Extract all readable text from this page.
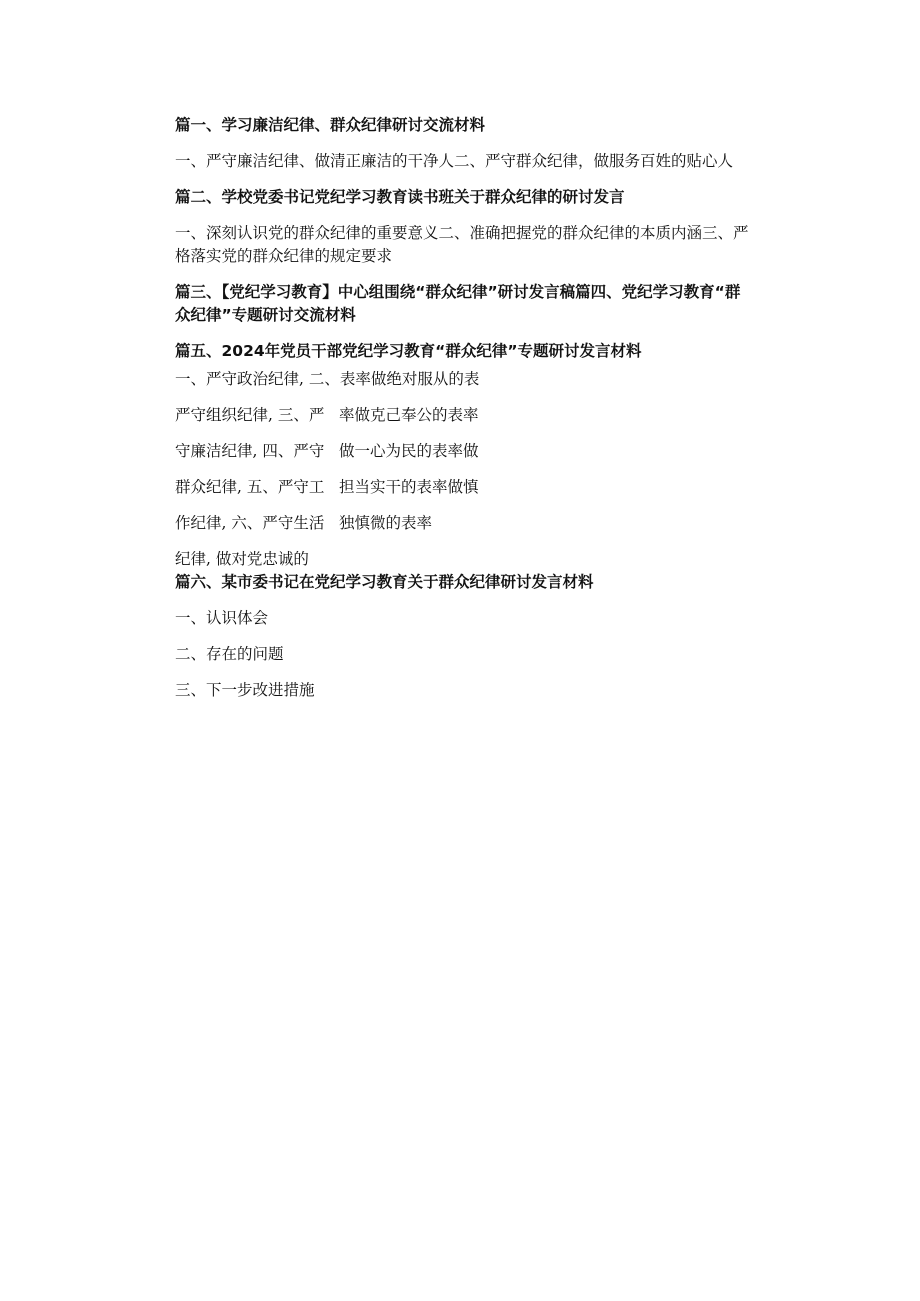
篇一、学习廉洁纪律、群众纪律研讨交流材料

一、严守廉洁纪律、做清正廉洁的干净人二、严守群众纪律，做服务百姓的贴心人

篇二、学校党委书记党纪学习教育读书班关于群众纪律的研讨发言

一、深刻认识党的群众纪律的重要意义二、准确把握党的群众纪律的本质内涵三、严格落实党的群众纪律的规定要求

篇三、【党纪学习教育】中心组围绕“群众纪律”研讨发言稿篇四、党纪学习教育“群众纪律”专题研讨交流材料

篇五、2024年党员干部党纪学习教育“群众纪律”专题研讨发言材料

一、严守政治纪律, 二、表率做绝对服从的表
严守组织纪律, 三、严 率做克己奉公的表率
守廉洁纪律, 四、严守 做一心为民的表率做
群众纪律, 五、严守工 担当实干的表率做慎
作纪律, 六、严守生活 独慎微的表率
纪律, 做对党忠诚的

篇六、某市委书记在党纪学习教育关于群众纪律研讨发言材料

一、认识体会

二、存在的问题

三、下一步改进措施
